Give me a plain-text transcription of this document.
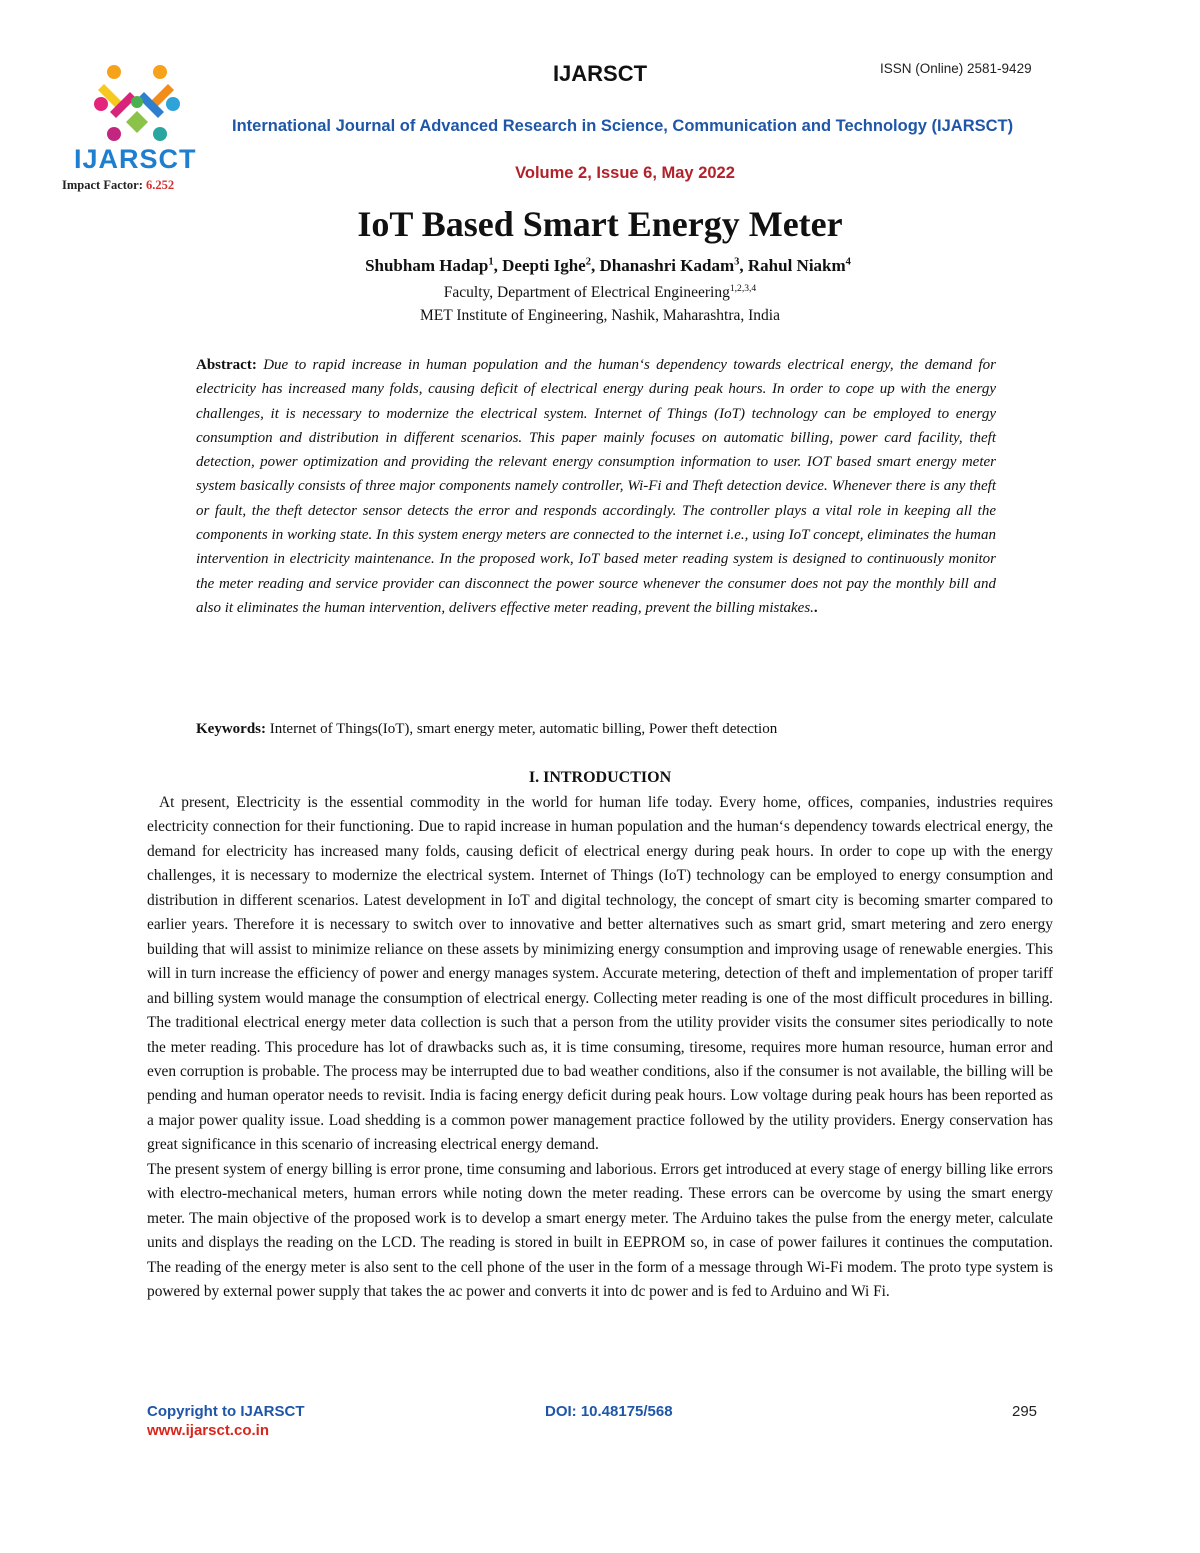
IJARSCT
Impact Factor: 6.252
IJARSCT	ISSN (Online) 2581-9429
International Journal of Advanced Research in Science, Communication and Technology (IJARSCT)
Volume 2, Issue 6, May 2022
IoT Based Smart Energy Meter
Shubham Hadap$^1$, Deepti Ighe$^2$, Dhanashri Kadam$^3$, Rahul Niakm$^4$
Faculty, Department of Electrical Engineering$^{1,2,3,4}$
MET Institute of Engineering, Nashik, Maharashtra, India
Abstract: Due to rapid increase in human population and the human‘s dependency towards electrical energy, the demand for electricity has increased many folds, causing deficit of electrical energy during peak hours. In order to cope up with the energy challenges, it is necessary to modernize the electrical system. Internet of Things (IoT) technology can be employed to energy consumption and distribution in different scenarios. This paper mainly focuses on automatic billing, power card facility, theft detection, power optimization and providing the relevant energy consumption information to user. IOT based smart energy meter system basically consists of three major components namely controller, Wi-Fi and Theft detection device. Whenever there is any theft or fault, the theft detector sensor detects the error and responds accordingly. The controller plays a vital role in keeping all the components in working state. In this system energy meters are connected to the internet i.e., using IoT concept, eliminates the human intervention in electricity maintenance. In the proposed work, IoT based meter reading system is designed to continuously monitor the meter reading and service provider can disconnect the power source whenever the consumer does not pay the monthly bill and also it eliminates the human intervention, delivers effective meter reading, prevent the billing mistakes..
Keywords: Internet of Things(IoT), smart energy meter, automatic billing, Power theft detection
I. INTRODUCTION

At present, Electricity is the essential commodity in the world for human life today. Every home, offices, companies, industries requires electricity connection for their functioning. Due to rapid increase in human population and the human‘s dependency towards electrical energy, the demand for electricity has increased many folds, causing deficit of electrical energy during peak hours. In order to cope up with the energy challenges, it is necessary to modernize the electrical system. Internet of Things (IoT) technology can be employed to energy consumption and distribution in different scenarios. Latest development in IoT and digital technology, the concept of smart city is becoming smarter compared to earlier years. Therefore it is necessary to switch over to innovative and better alternatives such as smart grid, smart metering and zero energy building that will assist to minimize reliance on these assets by minimizing energy consumption and improving usage of renewable energies. This will in turn increase the efficiency of power and energy manages system. Accurate metering, detection of theft and implementation of proper tariff and billing system would manage the consumption of electrical energy. Collecting meter reading is one of the most difficult procedures in billing. The traditional electrical energy meter data collection is such that a person from the utility provider visits the consumer sites periodically to note the meter reading. This procedure has lot of drawbacks such as, it is time consuming, tiresome, requires more human resource, human error and even corruption is probable. The process may be interrupted due to bad weather conditions, also if the consumer is not available, the billing will be pending and human operator needs to revisit. India is facing energy deficit during peak hours. Low voltage during peak hours has been reported as a major power quality issue. Load shedding is a common power management practice followed by the utility providers. Energy conservation has great significance in this scenario of increasing electrical energy demand.

The present system of energy billing is error prone, time consuming and laborious. Errors get introduced at every stage of energy billing like errors with electro-mechanical meters, human errors while noting down the meter reading. These errors can be overcome by using the smart energy meter. The main objective of the proposed work is to develop a smart energy meter. The Arduino takes the pulse from the energy meter, calculate units and displays the reading on the LCD. The reading is stored in built in EEPROM so, in case of power failures it continues the computation. The reading of the energy meter is also sent to the cell phone of the user in the form of a message through Wi-Fi modem. The proto type system is powered by external power supply that takes the ac power and converts it into dc power and is fed to Arduino and Wi Fi.

Copyright to IJARSCT	DOI: 10.48175/568	295
www.ijarsct.co.in
